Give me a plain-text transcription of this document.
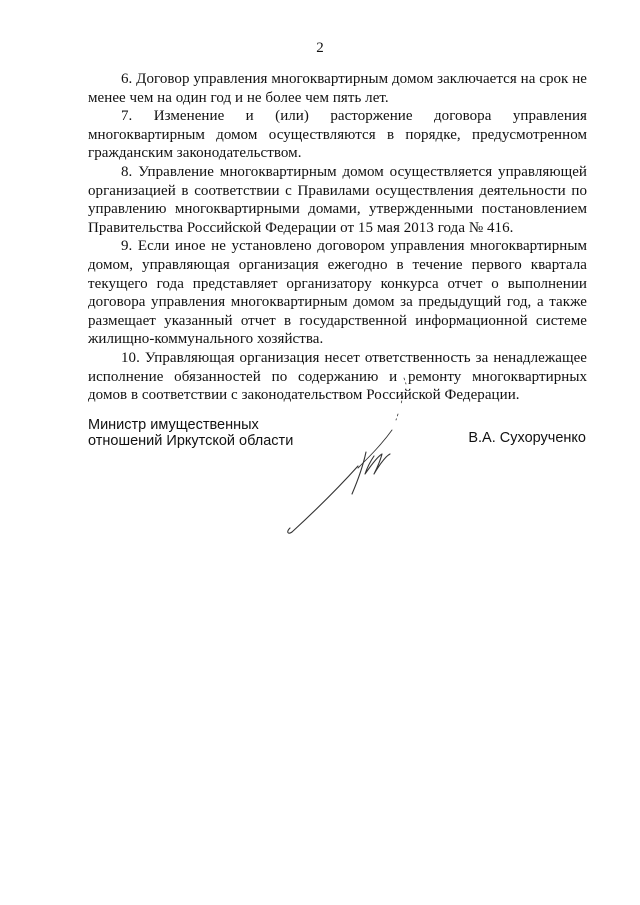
2

6. Договор управления многоквартирным домом заключается на срок не менее чем на один год и не более чем пять лет.

7. Изменение и (или) расторжение договора управления многоквартирным домом осуществляются в порядке, предусмотренном гражданским законодательством.

8. Управление многоквартирным домом осуществляется управляющей организацией в соответствии с Правилами осуществления деятельности по управлению многоквартирными домами, утвержденными постановлением Правительства Российской Федерации от 15 мая 2013 года № 416.

9. Если иное не установлено договором управления многоквартирным домом, управляющая организация ежегодно в течение первого квартала текущего года представляет организатору конкурса отчет о выполнении договора управления многоквартирным домом за предыдущий год, а также размещает указанный отчет в государственной информационной системе жилищно-коммунального хозяйства.

10. Управляющая организация несет ответственность за ненадлежащее исполнение обязанностей по содержанию и ремонту многоквартирных домов в соответствии с законодательством Российской Федерации.

Министр имущественных
отношений Иркутской области	В.А. Сухорученко
